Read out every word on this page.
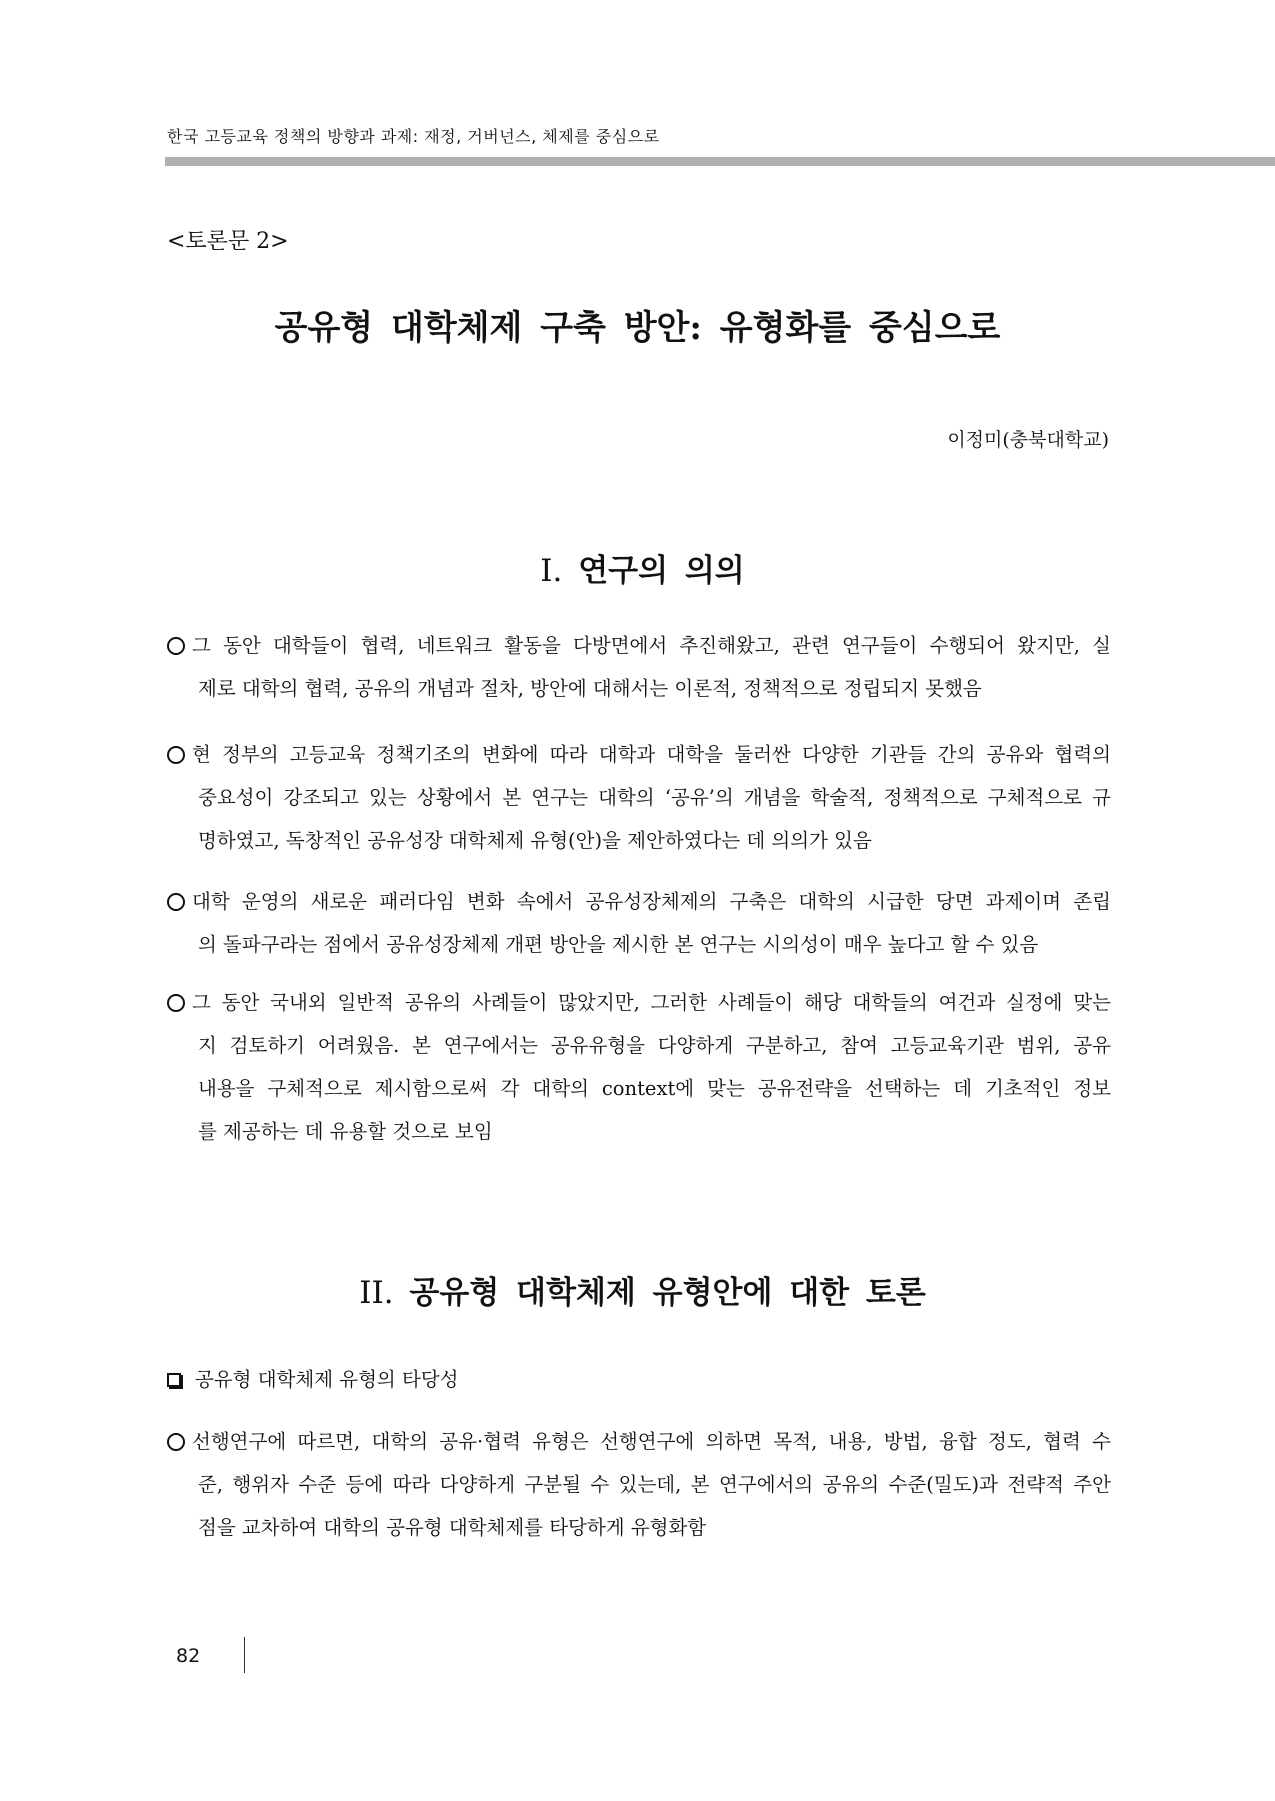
한국 고등교육 정책의 방향과 과제: 재정, 거버넌스, 체제를 중심으로
<토론문 2>
공유형 대학체제 구축 방안: 유형화를 중심으로
이정미(충북대학교)
Ⅰ. 연구의 의의
그 동안 대학들이 협력, 네트워크 활동을 다방면에서 추진해왔고, 관련 연구들이 수행되어 왔지만, 실
제로 대학의 협력, 공유의 개념과 절차, 방안에 대해서는 이론적, 정책적으로 정립되지 못했음
현 정부의 고등교육 정책기조의 변화에 따라 대학과 대학을 둘러싼 다양한 기관들 간의 공유와 협력의
중요성이 강조되고 있는 상황에서 본 연구는 대학의 ‘공유’의 개념을 학술적, 정책적으로 구체적으로 규
명하였고, 독창적인 공유성장 대학체제 유형(안)을 제안하였다는 데 의의가 있음
대학 운영의 새로운 패러다임 변화 속에서 공유성장체제의 구축은 대학의 시급한 당면 과제이며 존립
의 돌파구라는 점에서 공유성장체제 개편 방안을 제시한 본 연구는 시의성이 매우 높다고 할 수 있음
그 동안 국내외 일반적 공유의 사례들이 많았지만, 그러한 사례들이 해당 대학들의 여건과 실정에 맞는
지 검토하기 어려웠음. 본 연구에서는 공유유형을 다양하게 구분하고, 참여 고등교육기관 범위, 공유
내용을 구체적으로 제시함으로써 각 대학의 context에 맞는 공유전략을 선택하는 데 기초적인 정보
를 제공하는 데 유용할 것으로 보임
II. 공유형 대학체제 유형안에 대한 토론
공유형 대학체제 유형의 타당성
선행연구에 따르면, 대학의 공유·협력 유형은 선행연구에 의하면 목적, 내용, 방법, 융합 정도, 협력 수
준, 행위자 수준 등에 따라 다양하게 구분될 수 있는데, 본 연구에서의 공유의 수준(밀도)과 전략적 주안
점을 교차하여 대학의 공유형 대학체제를 타당하게 유형화함
82
